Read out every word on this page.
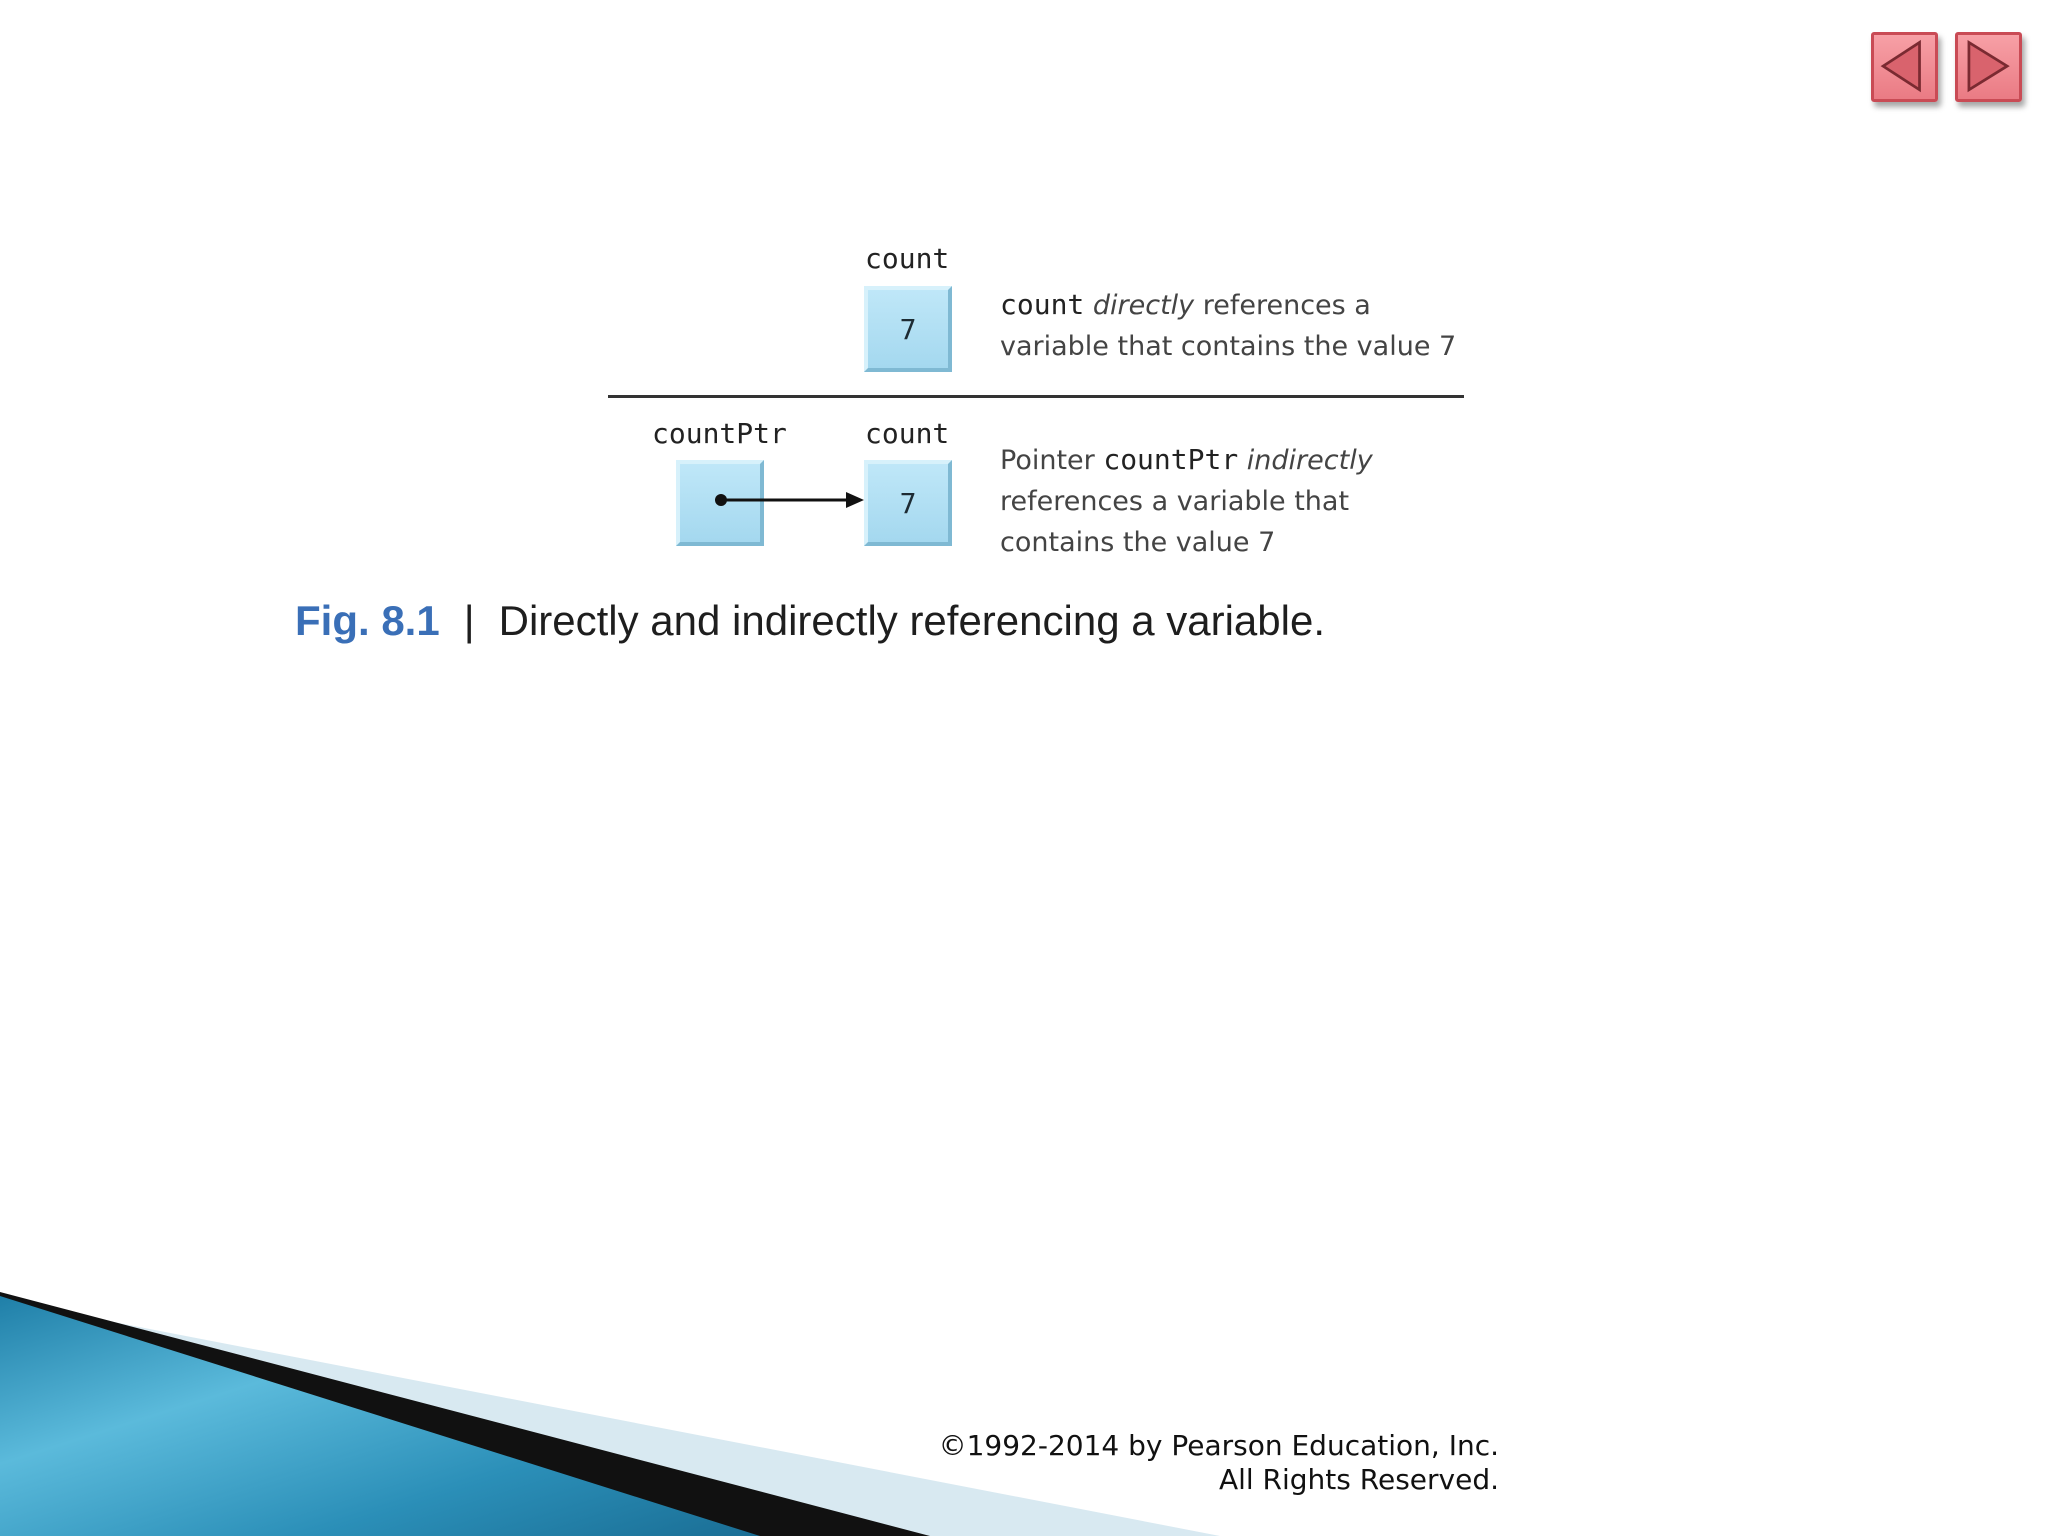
count
7
count directly references a
variable that contains the value 7
countPtr	count
7
Pointer countPtr indirectly
references a variable that
contains the value 7
Fig. 8.1 | Directly and indirectly referencing a variable.
©1992-2014 by Pearson Education, Inc.
All Rights Reserved.
